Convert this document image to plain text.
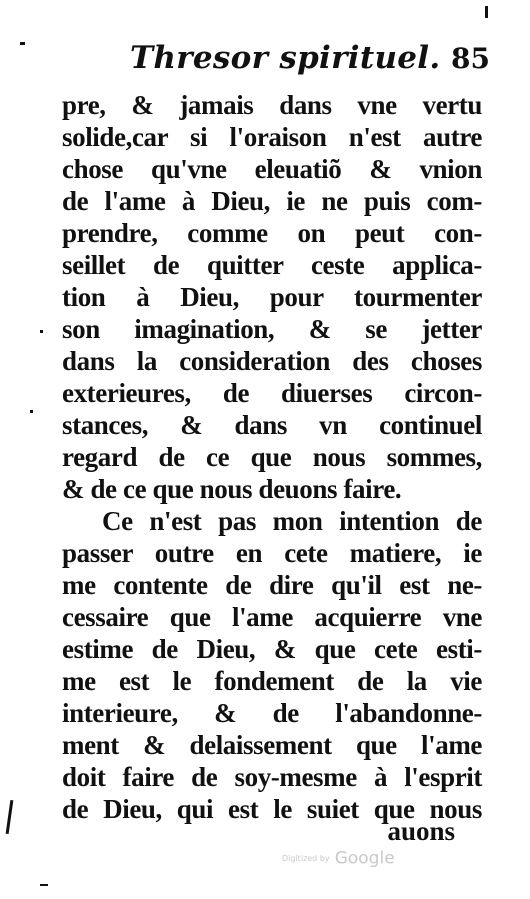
Thresor spirituel. 85
pre, & jamais dans vne vertu
solide,car si l'oraison n'est autre
chose qu'vne eleuatiõ & vnion
de l'ame à Dieu, ie ne puis com-
prendre, comme on peut con-
seillet de quitter ceste applica-
tion à Dieu, pour tourmenter
son imagination, & se jetter
dans la consideration des choses
exterieures, de diuerses circon-
stances, & dans vn continuel
regard de ce que nous sommes,
& de ce que nous deuons faire.
Ce n'est pas mon intention de
passer outre en cete matiere, ie
me contente de dire qu'il est ne-
cessaire que l'ame acquierre vne
estime de Dieu, & que cete esti-
me est le fondement de la vie
interieure, & de l'abandonne-
ment & delaissement que l'ame
doit faire de soy-mesme à l'esprit
de Dieu, qui est le suiet que nous
auons
Digitized by Google
